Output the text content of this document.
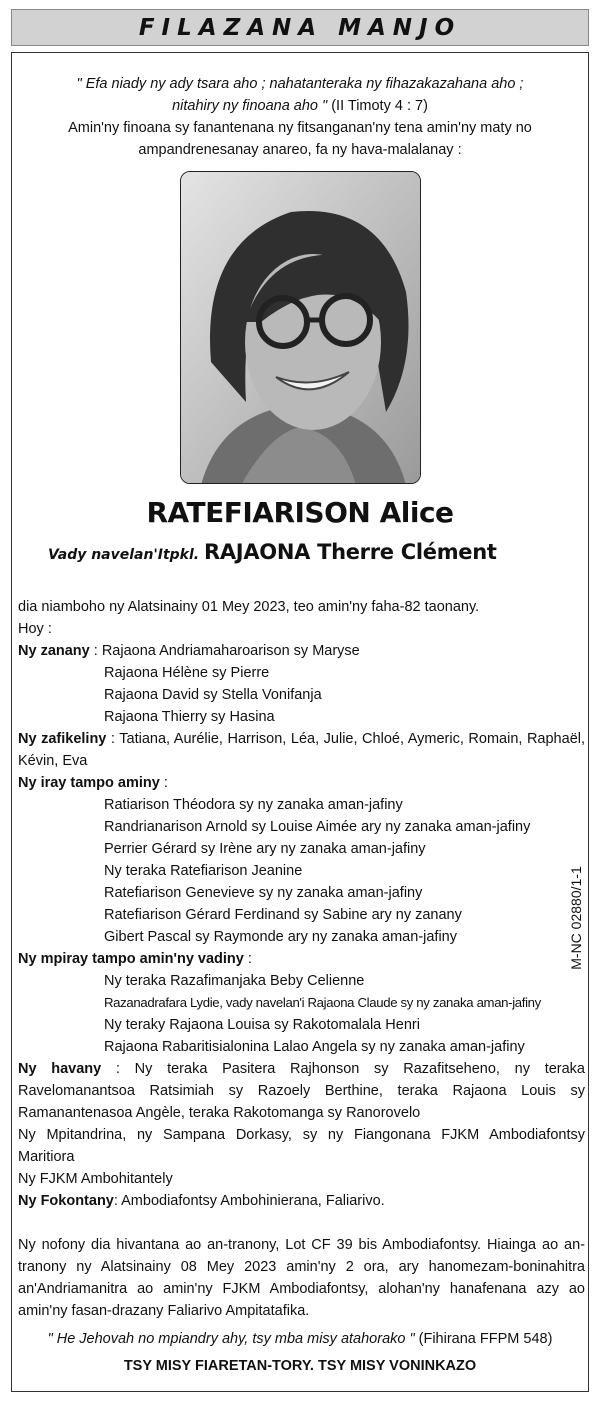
FILAZANA MANJO
" Efa niady ny ady tsara aho ; nahatanteraka ny fihazakazahana aho ;
nitahiry ny finoana aho " (II Timoty 4 : 7)
Amin'ny finoana sy fanantenana ny fitsanganan'ny tena amin'ny maty no
ampandrenesanay anareo, fa ny hava-malalanay :
RATEFIARISON Alice
Vady navelan'Itpkl. RAJAONA Therre Clément
dia niamboho ny Alatsinainy 01 Mey 2023, teo amin'ny faha-82 taonany.
Hoy :
Ny zanany : Rajaona Andriamaharoarison sy Maryse
Rajaona Hélène sy Pierre
Rajaona David sy Stella Vonifanja
Rajaona Thierry sy Hasina
Ny zafikeliny : Tatiana, Aurélie, Harrison, Léa, Julie, Chloé, Aymeric, Romain, Raphaël, Kévin, Eva
Ny iray tampo aminy :
Ratiarison Théodora sy ny zanaka aman-jafiny
Randrianarison Arnold sy Louise Aimée ary ny zanaka aman-jafiny
Perrier Gérard sy Irène ary ny zanaka aman-jafiny
Ny teraka Ratefiarison Jeanine
Ratefiarison Genevieve sy ny zanaka aman-jafiny
Ratefiarison Gérard Ferdinand sy Sabine ary ny zanany
Gibert Pascal sy Raymonde ary ny zanaka aman-jafiny
Ny mpiray tampo amin'ny vadiny :
Ny teraka Razafimanjaka Beby Celienne
Razanadrafara Lydie, vady navelan'i Rajaona Claude sy ny zanaka aman-jafiny
Ny teraky Rajaona Louisa sy Rakotomalala Henri
Rajaona Rabaritisialonina Lalao Angela sy ny zanaka aman-jafiny
Ny havany : Ny teraka Pasitera Rajhonson sy Razafitseheno, ny teraka Ravelomanantsoa Ratsimiah sy Razoely Berthine, teraka Rajaona Louis sy Ramanantenasoa Angèle, teraka Rakotomanga sy Ranorovelo
Ny Mpitandrina, ny Sampana Dorkasy, sy ny Fiangonana FJKM Ambodiafontsy Maritiora
Ny FJKM Ambohitantely
Ny Fokontany: Ambodiafontsy Ambohinierana, Faliarivo.
Ny nofony dia hivantana ao an-tranony, Lot CF 39 bis Ambodiafontsy. Hiainga ao an-tranony ny Alatsinainy 08 Mey 2023 amin'ny 2 ora, ary hanomezam-boninahitra an'Andriamanitra ao amin'ny FJKM Ambodiafontsy, alohan'ny hanafenana azy ao amin'ny fasan-drazany Faliarivo Ampitatafika.
" He Jehovah no mpiandry ahy, tsy mba misy atahorako " (Fihirana FFPM 548)
TSY MISY FIARETAN-TORY. TSY MISY VONINKAZO
M-NC 02880/1-1
